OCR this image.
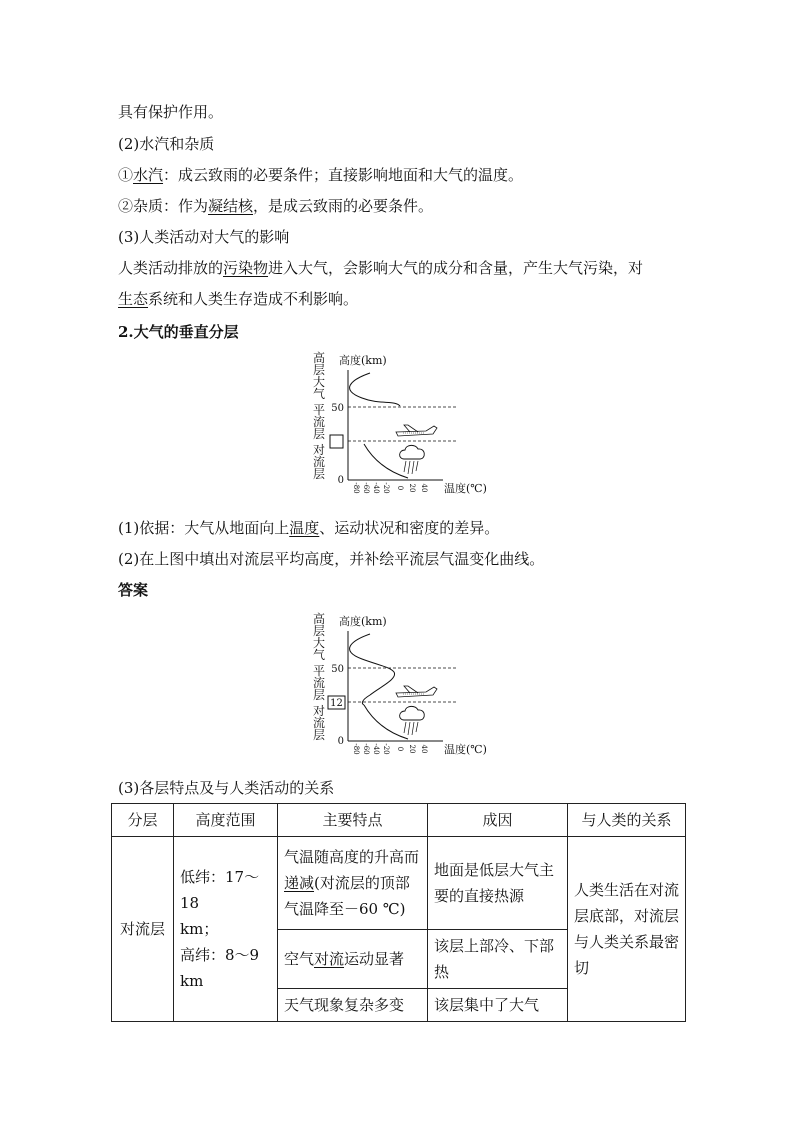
具有保护作用。
(2)水汽和杂质
①水汽：成云致雨的必要条件；直接影响地面和大气的温度。
②杂质：作为凝结核，是成云致雨的必要条件。
(3)人类活动对大气的影响
人类活动排放的污染物进入大气，会影响大气的成分和含量，产生大气污染，对
生态系统和人类生存造成不利影响。
2.大气的垂直分层
高
层
大
气
平
流
层
对
流
层
高度(km)
50
0
温度(℃)
-80 -60 -40 -20 0 20 40
(1)依据：大气从地面向上温度、运动状况和密度的差异。
(2)在上图中填出对流层平均高度，并补绘平流层气温变化曲线。
答案
高
层
大
气
平
流
层
对
流
层
12
高度(km)
50
0
温度(℃)
-80 -60 -40 -20 0 20 40
(3)各层特点及与人类活动的关系
分层	高度范围	主要特点	成因	与人类的关系
对流层	低纬：17～18
km；
高纬：8～9
km	气温随高度的升高而递减(对流层的顶部气温降至－60 ℃)	地面是低层大气主要的直接热源	人类生活在对流层底部，对流层与人类关系最密切
		空气对流运动显著	该层上部冷、下部热	
		天气现象复杂多变	该层集中了大气	
